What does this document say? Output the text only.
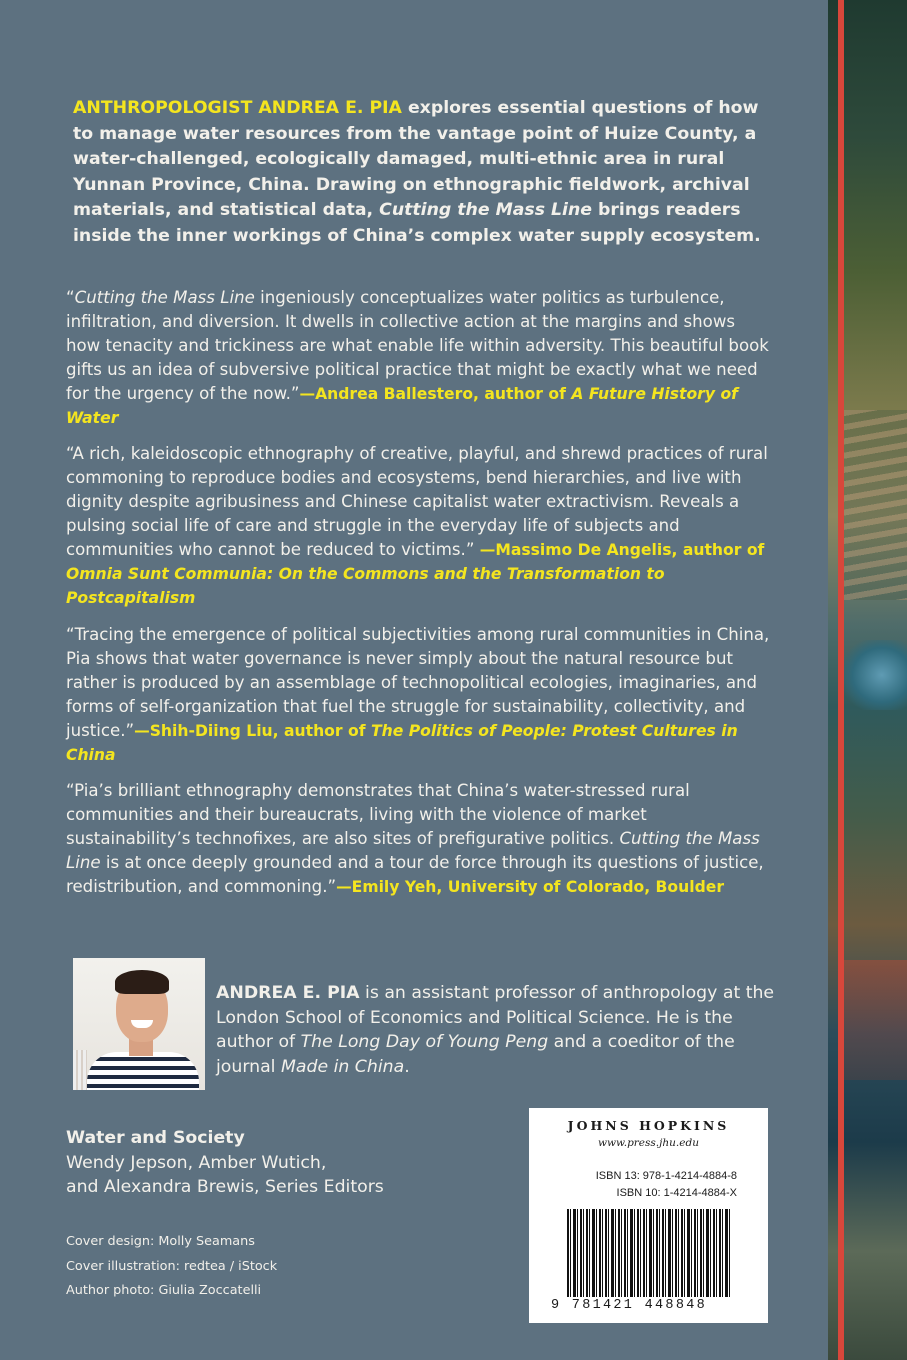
ANTHROPOLOGIST ANDREA E. PIA explores essential questions of how to manage water resources from the vantage point of Huize County, a water-challenged, ecologically damaged, multi-ethnic area in rural Yunnan Province, China. Drawing on ethnographic fieldwork, archival materials, and statistical data, Cutting the Mass Line brings readers inside the inner workings of China’s complex water supply ecosystem.

“Cutting the Mass Line ingeniously conceptualizes water politics as turbulence, infiltration, and diversion. It dwells in collective action at the margins and shows how tenacity and trickiness are what enable life within adversity. This beautiful book gifts us an idea of subversive political practice that might be exactly what we need for the urgency of the now.”—Andrea Ballestero, author of A Future History of Water

“A rich, kaleidoscopic ethnography of creative, playful, and shrewd practices of rural commoning to reproduce bodies and ecosystems, bend hierarchies, and live with dignity despite agribusiness and Chinese capitalist water extractivism. Reveals a pulsing social life of care and struggle in the everyday life of subjects and communities who cannot be reduced to victims.” —Massimo De Angelis, author of Omnia Sunt Communia: On the Commons and the Transformation to Postcapitalism

“Tracing the emergence of political subjectivities among rural communities in China, Pia shows that water governance is never simply about the natural resource but rather is produced by an assemblage of technopolitical ecologies, imaginaries, and forms of self-organization that fuel the struggle for sustainability, collectivity, and justice.”—Shih-Diing Liu, author of The Politics of People: Protest Cultures in China

“Pia’s brilliant ethnography demonstrates that China’s water-stressed rural communities and their bureaucrats, living with the violence of market sustainability’s technofixes, are also sites of prefigurative politics. Cutting the Mass Line is at once deeply grounded and a tour de force through its questions of justice, redistribution, and commoning.”—Emily Yeh, University of Colorado, Boulder

ANDREA E. PIA is an assistant professor of anthropology at the London School of Economics and Political Science. He is the author of The Long Day of Young Peng and a coeditor of the journal Made in China.

Water and Society
Wendy Jepson, Amber Wutich,
and Alexandra Brewis, Series Editors

Cover design: Molly Seamans
Cover illustration: redtea / iStock
Author photo: Giulia Zoccatelli
JOHNS HOPKINS
www.press.jhu.edu
ISBN 13: 978-1-4214-4884-8
ISBN 10: 1-4214-4884-X
9 781421 448848
